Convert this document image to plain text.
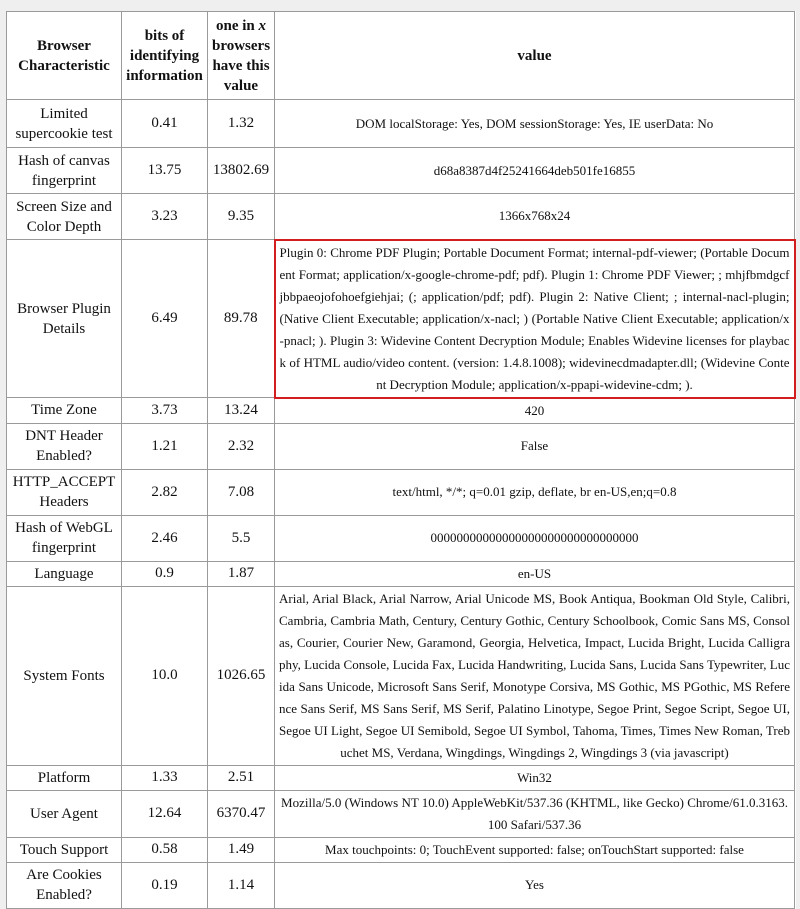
Browser Characteristic	bits of identifying information	one in x browsers have this value	value
Limited supercookie test	0.41	1.32	DOM localStorage: Yes, DOM sessionStorage: Yes, IE userData: No
Hash of canvas fingerprint	13.75	13802.69	d68a8387d4f25241664deb501fe16855
Screen Size and Color Depth	3.23	9.35	1366x768x24
Browser Plugin Details	6.49	89.78	Plugin 0: Chrome PDF Plugin; Portable Document Format; internal-pdf-viewer; (Portable Document Format; application/x-google-chrome-pdf; pdf). Plugin 1: Chrome PDF Viewer; ; mhjfbmdgcfjbbpaeojofohoefgiehjai; (; application/pdf; pdf). Plugin 2: Native Client; ; internal-nacl-plugin; (Native Client Executable; application/x-nacl; ) (Portable Native Client Executable; application/x-pnacl; ). Plugin 3: Widevine Content Decryption Module; Enables Widevine licenses for playback of HTML audio/video content. (version: 1.4.8.1008); widevinecdmadapter.dll; (Widevine Content Decryption Module; application/x-ppapi-widevine-cdm; ).
Time Zone	3.73	13.24	420
DNT Header Enabled?	1.21	2.32	False
HTTP_ACCEPT Headers	2.82	7.08	text/html, */*; q=0.01 gzip, deflate, br en-US,en;q=0.8
Hash of WebGL fingerprint	2.46	5.5	00000000000000000000000000000000
Language	0.9	1.87	en-US
System Fonts	10.0	1026.65	Arial, Arial Black, Arial Narrow, Arial Unicode MS, Book Antiqua, Bookman Old Style, Calibri, Cambria, Cambria Math, Century, Century Gothic, Century Schoolbook, Comic Sans MS, Consolas, Courier, Courier New, Garamond, Georgia, Helvetica, Impact, Lucida Bright, Lucida Calligraphy, Lucida Console, Lucida Fax, Lucida Handwriting, Lucida Sans, Lucida Sans Typewriter, Lucida Sans Unicode, Microsoft Sans Serif, Monotype Corsiva, MS Gothic, MS PGothic, MS Reference Sans Serif, MS Sans Serif, MS Serif, Palatino Linotype, Segoe Print, Segoe Script, Segoe UI, Segoe UI Light, Segoe UI Semibold, Segoe UI Symbol, Tahoma, Times, Times New Roman, Trebuchet MS, Verdana, Wingdings, Wingdings 2, Wingdings 3 (via javascript)
Platform	1.33	2.51	Win32
User Agent	12.64	6370.47	Mozilla/5.0 (Windows NT 10.0) AppleWebKit/537.36 (KHTML, like Gecko) Chrome/61.0.3163.100 Safari/537.36
Touch Support	0.58	1.49	Max touchpoints: 0; TouchEvent supported: false; onTouchStart supported: false
Are Cookies Enabled?	0.19	1.14	Yes
